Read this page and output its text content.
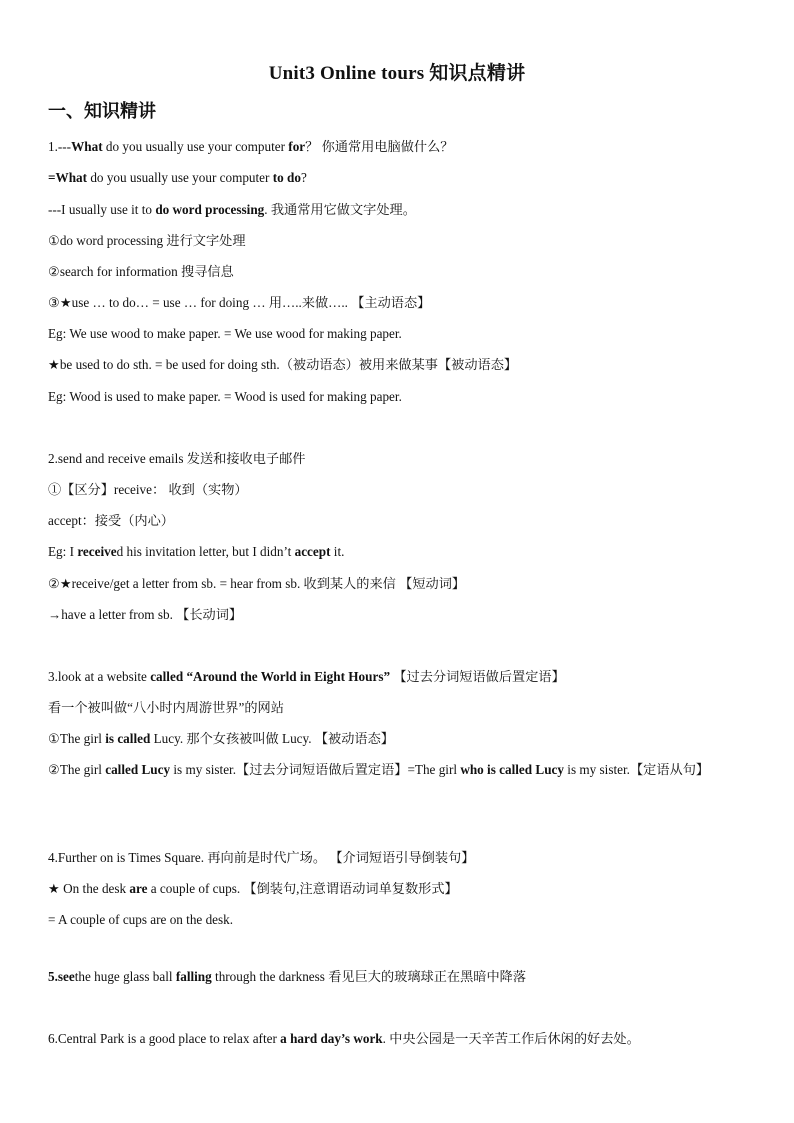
Unit3 Online tours 知识点精讲
一、知识精讲
1.---What do you usually use your computer for？ 你通常用电脑做什么？
=What do you usually use your computer to do?
---I usually use it to do word processing. 我通常用它做文字处理。
①do word processing 进行文字处理
②search for information 搜寻信息
③★use … to do… = use … for doing … 用…..来做….. 【主动语态】
Eg: We use wood to make paper. = We use wood for making paper.
★be used to do sth. = be used for doing sth.（被动语态）被用来做某事【被动语态】
Eg: Wood is used to make paper. = Wood is used for making paper.
2.send and receive emails 发送和接收电子邮件
①【区分】receive： 收到（实物）
accept：接受（内心）
Eg: I received his invitation letter, but I didn’t accept it.
②★receive/get a letter from sb. = hear from sb. 收到某人的来信 【短动词】
→have a letter from sb. 【长动词】
3.look at a website called “Around the World in Eight Hours” 【过去分词短语做后置定语】
看一个被叫做“八小时内周游世界”的网站
①The girl is called Lucy. 那个女孩被叫做 Lucy. 【被动语态】
②The girl called Lucy is my sister.【过去分词短语做后置定语】=The girl who is called Lucy is my sister.【定语从句】
4.Further on is Times Square. 再向前是时代广场。 【介词短语引导倒装句】
★ On the desk are a couple of cups. 【倒装句,注意谓语动词单复数形式】
= A couple of cups are on the desk.
5.seethe huge glass ball falling through the darkness 看见巨大的玻璃球正在黑暗中降落
6.Central Park is a good place to relax after a hard day’s work. 中央公园是一天辛苦工作后休闲的好去处。
